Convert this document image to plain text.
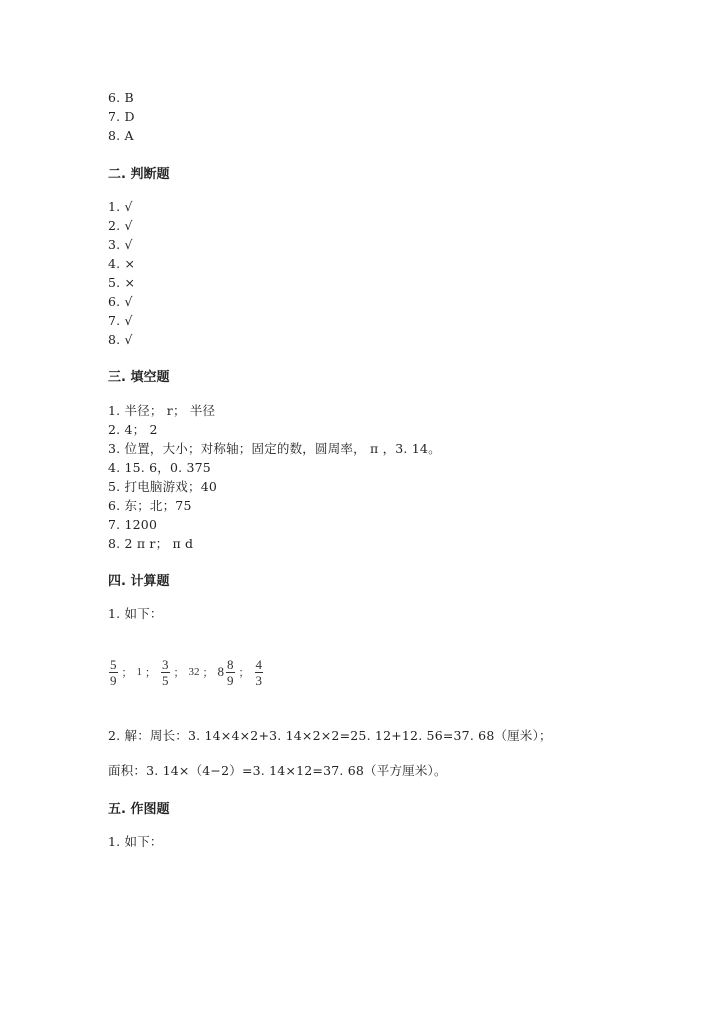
6. B
7. D
8. A
二. 判断题
1. √
2. √
3. √
4. ×
5. ×
6. √
7. √
8. √
三. 填空题
1. 半径； r； 半径
2. 4； 2
3. 位置，大小；对称轴；固定的数，圆周率， π ，3. 14。
4. 15. 6，0. 375
5. 打电脑游戏；40
6. 东；北；75
7. 1200
8. 2 π r； π d
四. 计算题
1. 如下：
$\frac{5}{9}$ ； 1 ； $\frac{3}{5}$ ； 32 ； $8 \frac{8}{9}$ ； $\frac{4}{3}$
2. 解：周长：3. 14×4×2+3. 14×2×2=25. 12+12. 56=37. 68（厘米）；
面积：3. 14×（4−2）=3. 14×12=37. 68（平方厘米）。
五. 作图题
1. 如下：
